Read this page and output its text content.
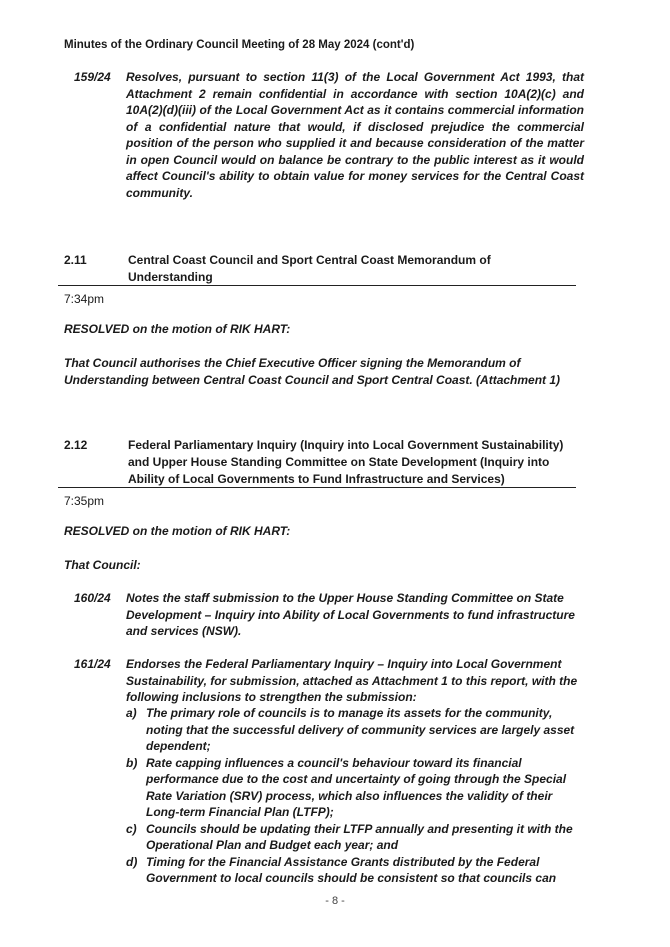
Minutes of the Ordinary Council Meeting of 28 May 2024 (cont'd)
159/24 Resolves, pursuant to section 11(3) of the Local Government Act 1993, that Attachment 2 remain confidential in accordance with section 10A(2)(c) and 10A(2)(d)(iii) of the Local Government Act as it contains commercial information of a confidential nature that would, if disclosed prejudice the commercial position of the person who supplied it and because consideration of the matter in open Council would on balance be contrary to the public interest as it would affect Council's ability to obtain value for money services for the Central Coast community.
2.11	Central Coast Council and Sport Central Coast Memorandum of Understanding
7:34pm
RESOLVED on the motion of RIK HART:
That Council authorises the Chief Executive Officer signing the Memorandum of Understanding between Central Coast Council and Sport Central Coast. (Attachment 1)
2.12	Federal Parliamentary Inquiry (Inquiry into Local Government Sustainability) and Upper House Standing Committee on State Development (Inquiry into Ability of Local Governments to Fund Infrastructure and Services)
7:35pm
RESOLVED on the motion of RIK HART:
That Council:
160/24 Notes the staff submission to the Upper House Standing Committee on State Development – Inquiry into Ability of Local Governments to fund infrastructure and services (NSW).
161/24 Endorses the Federal Parliamentary Inquiry – Inquiry into Local Government Sustainability, for submission, attached as Attachment 1 to this report, with the following inclusions to strengthen the submission:
a) The primary role of councils is to manage its assets for the community, noting that the successful delivery of community services are largely asset dependent;
b) Rate capping influences a council's behaviour toward its financial performance due to the cost and uncertainty of going through the Special Rate Variation (SRV) process, which also influences the validity of their Long-term Financial Plan (LTFP);
c) Councils should be updating their LTFP annually and presenting it with the Operational Plan and Budget each year; and
d) Timing for the Financial Assistance Grants distributed by the Federal Government to local councils should be consistent so that councils can
- 8 -
